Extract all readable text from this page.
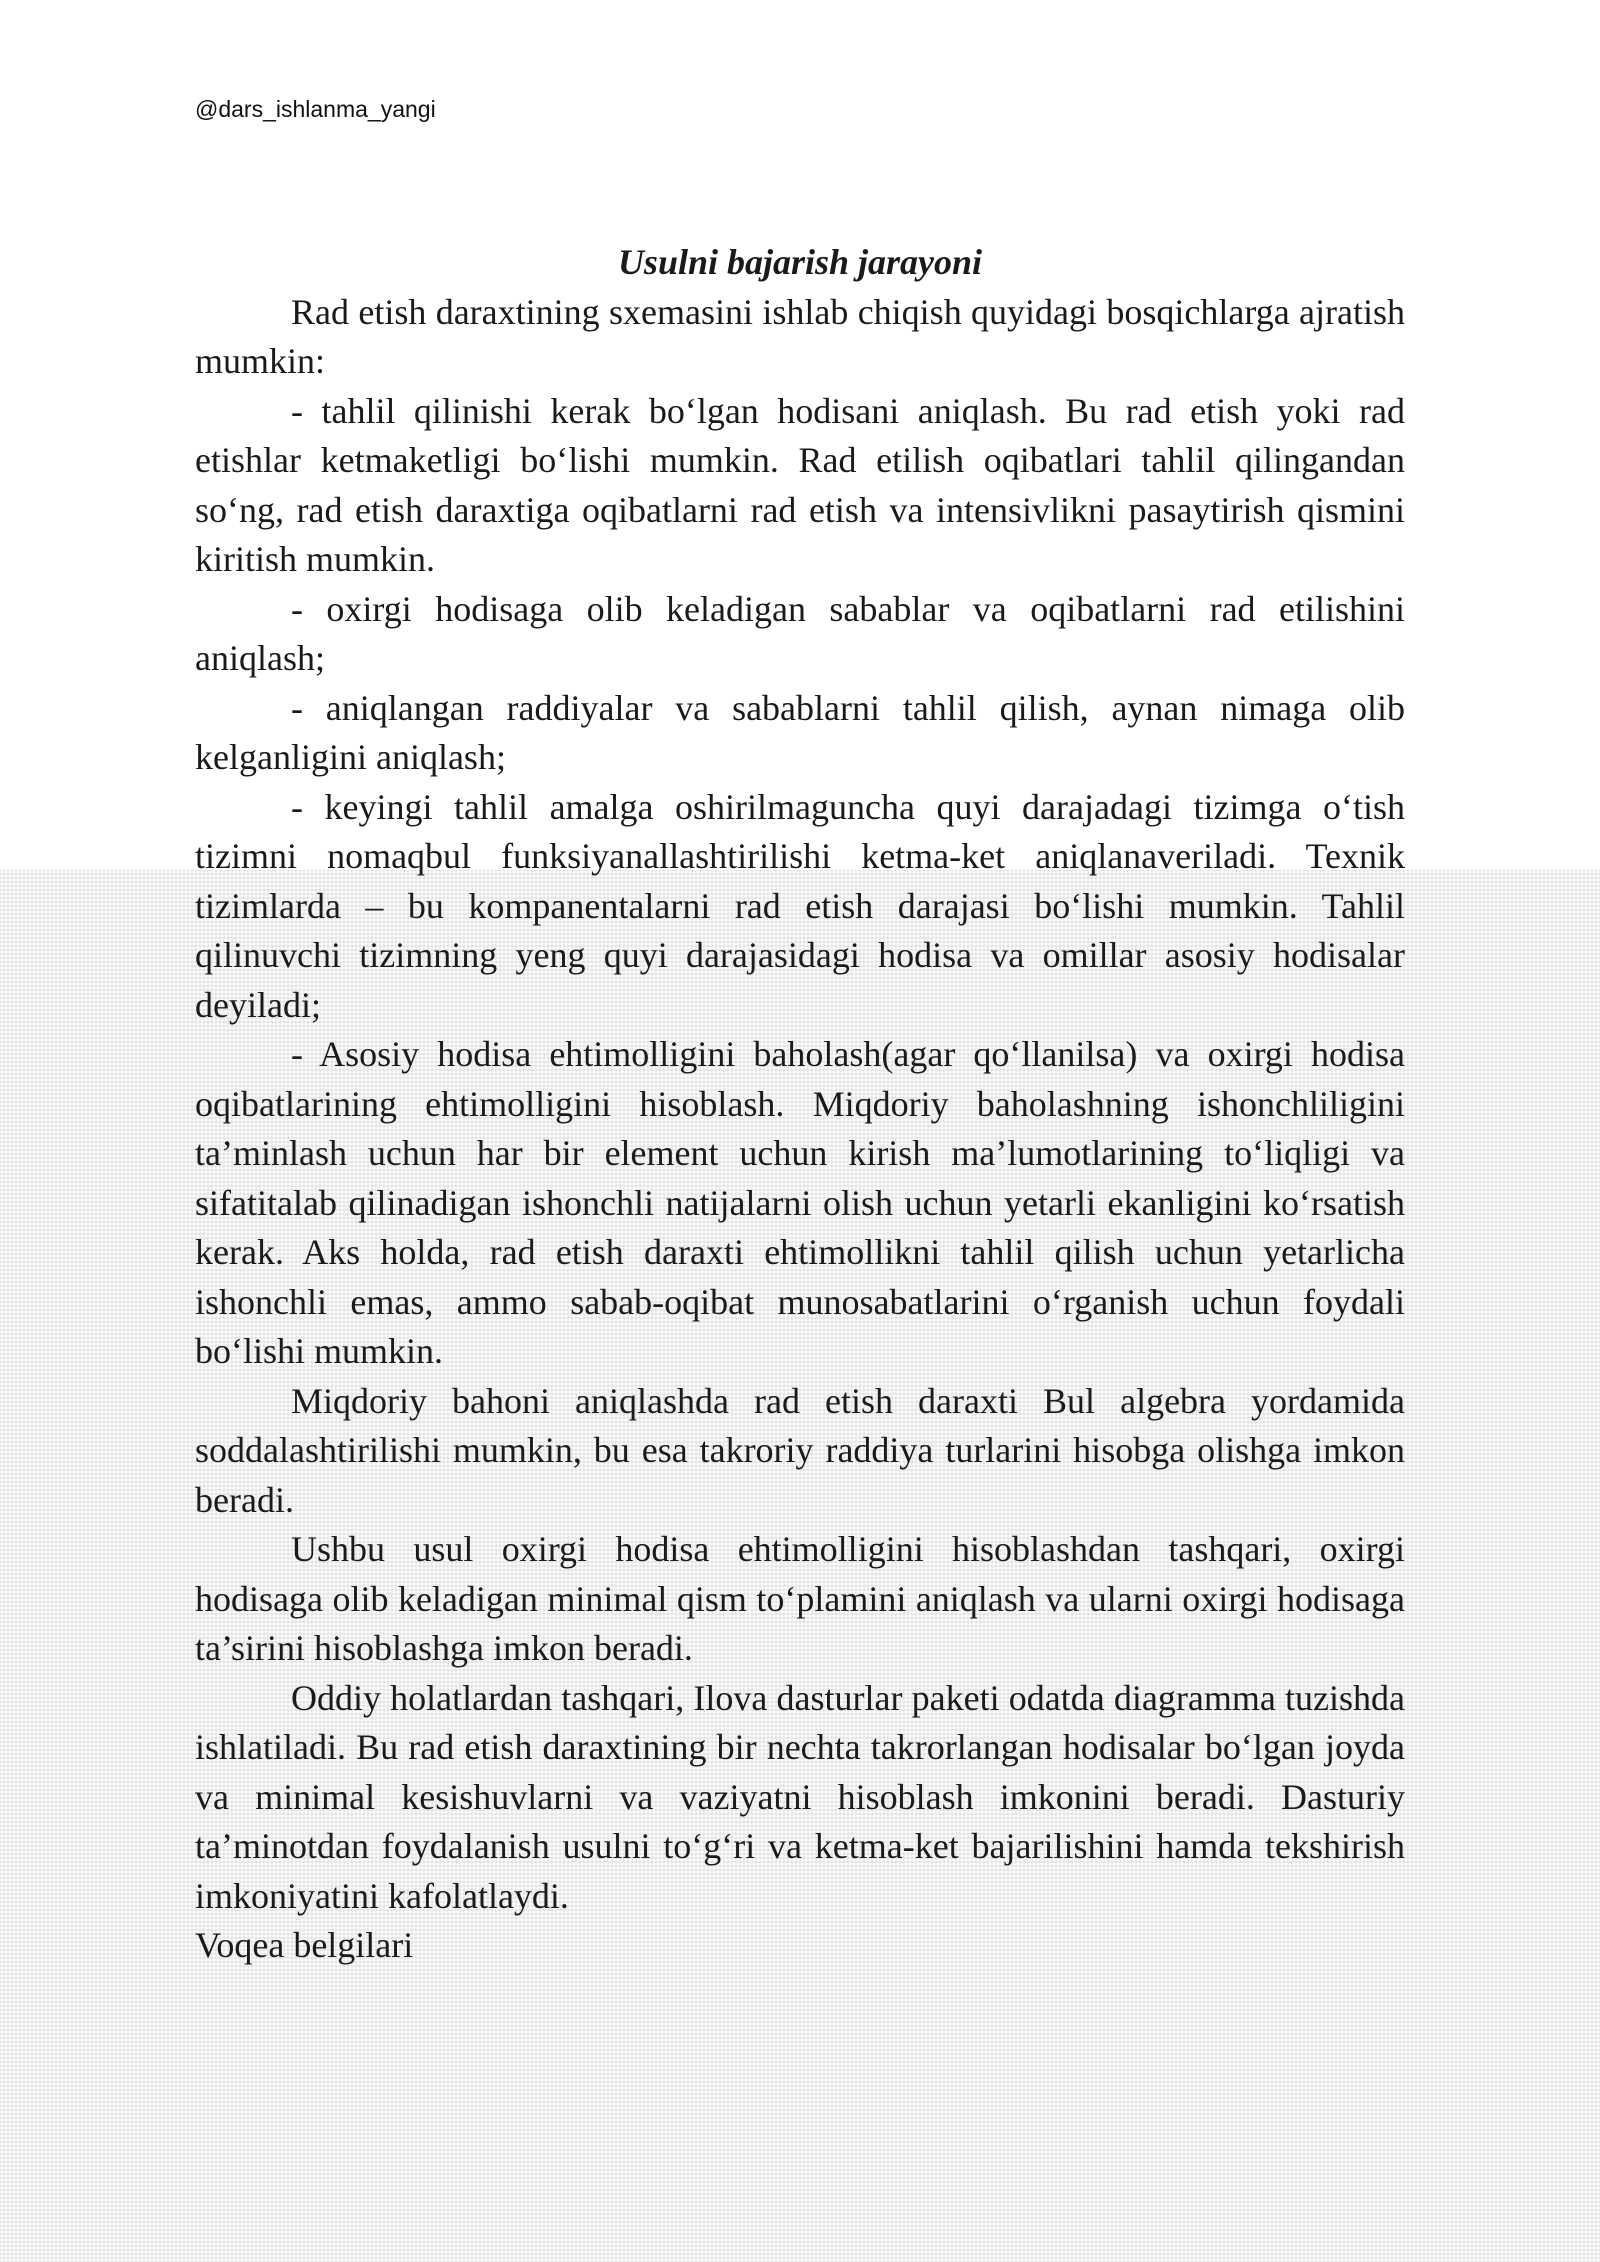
@dars_ishlanma_yangi

Usulni bajarish jarayoni

Rad etish daraxtining sxemasini ishlab chiqish quyidagi bosqichlarga ajratish mumkin:

- tahlil qilinishi kerak bo‘lgan hodisani aniqlash. Bu rad etish yoki rad etishlar ketmaketligi bo‘lishi mumkin. Rad etilish oqibatlari tahlil qilingandan so‘ng, rad etish daraxtiga oqibatlarni rad etish va intensivlikni pasaytirish qismini kiritish mumkin.

- oxirgi hodisaga olib keladigan sabablar va oqibatlarni rad etilishini aniqlash;

- aniqlangan raddiyalar va sabablarni tahlil qilish, aynan nimaga olib kelganligini aniqlash;

- keyingi tahlil amalga oshirilmaguncha quyi darajadagi tizimga o‘tish tizimni nomaqbul funksiyanallashtirilishi ketma-ket aniqlanaveriladi. Texnik tizimlarda – bu kompanentalarni rad etish darajasi bo‘lishi mumkin. Tahlil qilinuvchi tizimning yeng quyi darajasidagi hodisa va omillar asosiy hodisalar deyiladi;

- Asosiy hodisa ehtimolligini baholash(agar qo‘llanilsa) va oxirgi hodisa oqibatlarining ehtimolligini hisoblash. Miqdoriy baholashning ishonchliligini ta’minlash uchun har bir element uchun kirish ma’lumotlarining to‘liqligi va sifatitalab qilinadigan ishonchli natijalarni olish uchun yetarli ekanligini ko‘rsatish kerak. Aks holda, rad etish daraxti ehtimollikni tahlil qilish uchun yetarlicha ishonchli emas, ammo sabab-oqibat munosabatlarini o‘rganish uchun foydali bo‘lishi mumkin.

Miqdoriy bahoni aniqlashda rad etish daraxti Bul algebra yordamida soddalashtirilishi mumkin, bu esa takroriy raddiya turlarini hisobga olishga imkon beradi.

Ushbu usul oxirgi hodisa ehtimolligini hisoblashdan tashqari, oxirgi hodisaga olib keladigan minimal qism to‘plamini aniqlash va ularni oxirgi hodisaga ta’sirini hisoblashga imkon beradi.

Oddiy holatlardan tashqari, Ilova dasturlar paketi odatda diagramma tuzishda ishlatiladi. Bu rad etish daraxtining bir nechta takrorlangan hodisalar bo‘lgan joyda va minimal kesishuvlarni va vaziyatni hisoblash imkonini beradi. Dasturiy ta’minotdan foydalanish usulni to‘g‘ri va ketma-ket bajarilishini hamda tekshirish imkoniyatini kafolatlaydi.

Voqea belgilari
